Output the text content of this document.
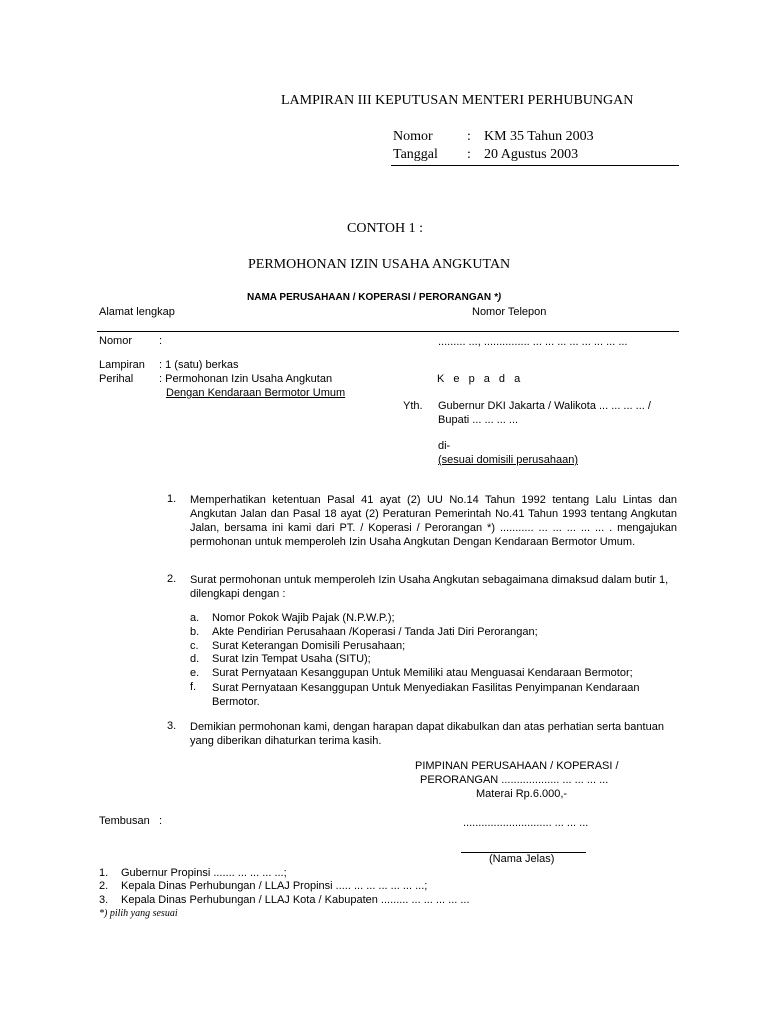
LAMPIRAN III KEPUTUSAN MENTERI PERHUBUNGAN
Nomor : KM 35 Tahun 2003
Tanggal : 20 Agustus 2003
CONTOH 1 :
PERMOHONAN IZIN USAHA ANGKUTAN
NAMA PERUSAHAAN / KOPERASI / PERORANGAN *)
Alamat lengkap	Nomor Telepon
Nomor :	......... ..., ............... ... ... ... ... ... ... ... ...
Lampiran : 1 (satu) berkas
Perihal : Permohonan Izin Usaha Angkutan
Dengan Kendaraan Bermotor Umum
K e p a d a
Yth. Gubernur DKI Jakarta / Walikota ... ... ... ... /
Bupati ... ... ... ...
di-
(sesuai domisili perusahaan)
1. Memperhatikan ketentuan Pasal 41 ayat (2) UU No.14 Tahun 1992 tentang Lalu Lintas dan Angkutan Jalan dan Pasal 18 ayat (2) Peraturan Pemerintah No.41 Tahun 1993 tentang Angkutan Jalan, bersama ini kami dari PT. / Koperasi / Perorangan *) ........... ... ... ... ... ... . mengajukan permohonan untuk memperoleh Izin Usaha Angkutan Dengan Kendaraan Bermotor Umum.
2. Surat permohonan untuk memperoleh Izin Usaha Angkutan sebagaimana dimaksud dalam butir 1, dilengkapi dengan :
a. Nomor Pokok Wajib Pajak (N.P.W.P.);
b. Akte Pendirian Perusahaan /Koperasi / Tanda Jati Diri Perorangan;
c. Surat Keterangan Domisili Perusahaan;
d. Surat Izin Tempat Usaha (SITU);
e. Surat Pernyataan Kesanggupan Untuk Memiliki atau Menguasai Kendaraan Bermotor;
f. Surat Pernyataan Kesanggupan Untuk Menyediakan Fasilitas Penyimpanan Kendaraan Bermotor.
3. Demikian permohonan kami, dengan harapan dapat dikabulkan dan atas perhatian serta bantuan yang diberikan dihaturkan terima kasih.
PIMPINAN PERUSAHAAN / KOPERASI /
PERORANGAN ................... ... ... ... ...
Materai Rp.6.000,-
Tembusan :	............................. ... ... ...
(Nama Jelas)
1. Gubernur Propinsi ....... ... ... ... ...;
2. Kepala Dinas Perhubungan / LLAJ Propinsi ..... ... ... ... ... ... ...;
3. Kepala Dinas Perhubungan / LLAJ Kota / Kabupaten ......... ... ... ... ... ...
*) pilih yang sesuai
